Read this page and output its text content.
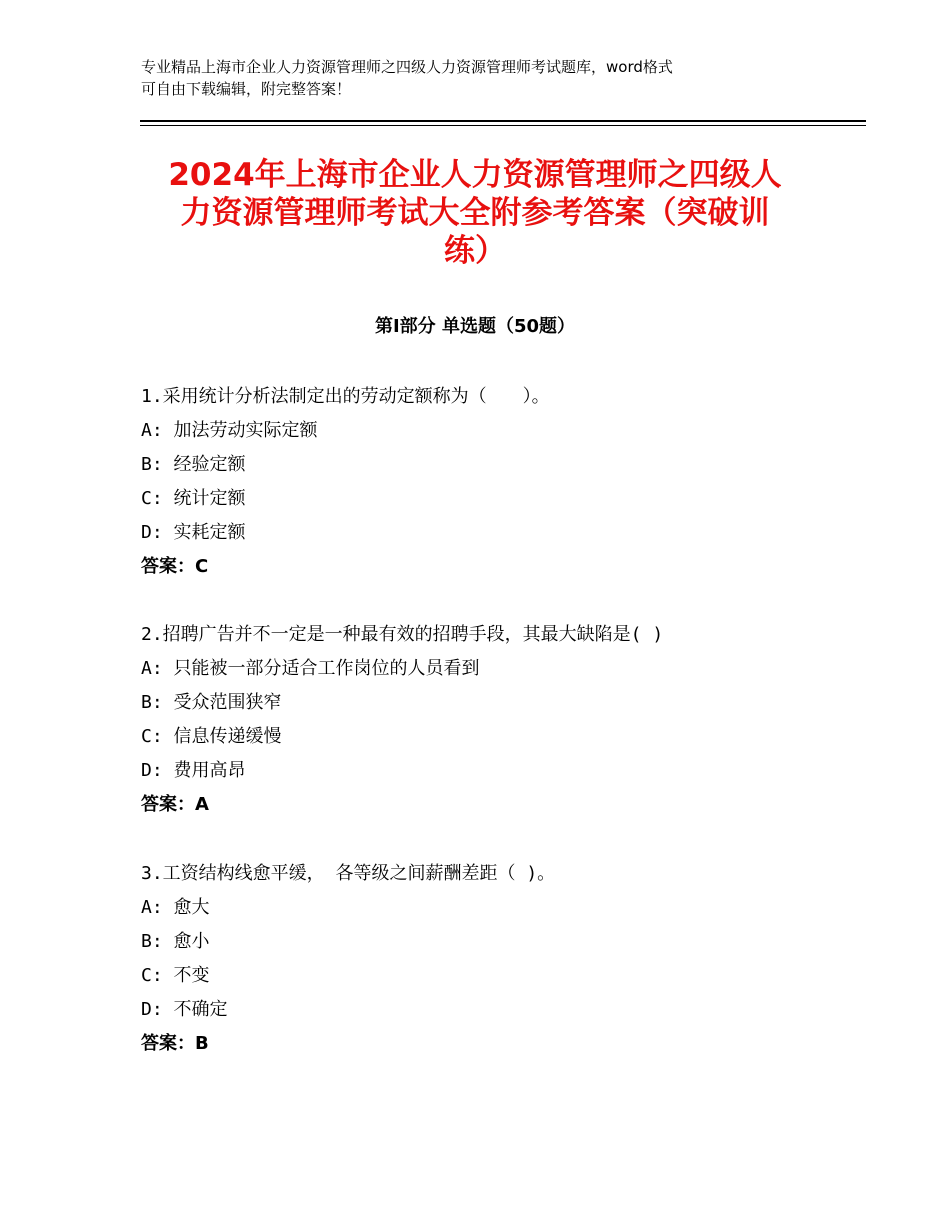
专业精品上海市企业人力资源管理师之四级人力资源管理师考试题库，word格式
可自由下载编辑，附完整答案！
2024年上海市企业人力资源管理师之四级人
力资源管理师考试大全附参考答案（突破训
练）
第Ⅰ部分 单选题（50题）
1.采用统计分析法制定出的劳动定额称为（　　）。
A: 加法劳动实际定额
B: 经验定额
C: 统计定额
D: 实耗定额
答案：C
2.招聘广告并不一定是一种最有效的招聘手段，其最大缺陷是( )
A: 只能被一部分适合工作岗位的人员看到
B: 受众范围狭窄
C: 信息传递缓慢
D: 费用高昂
答案：A
3.工资结构线愈平缓， 各等级之间薪酬差距（ )。
A: 愈大
B: 愈小
C: 不变
D: 不确定
答案：B
